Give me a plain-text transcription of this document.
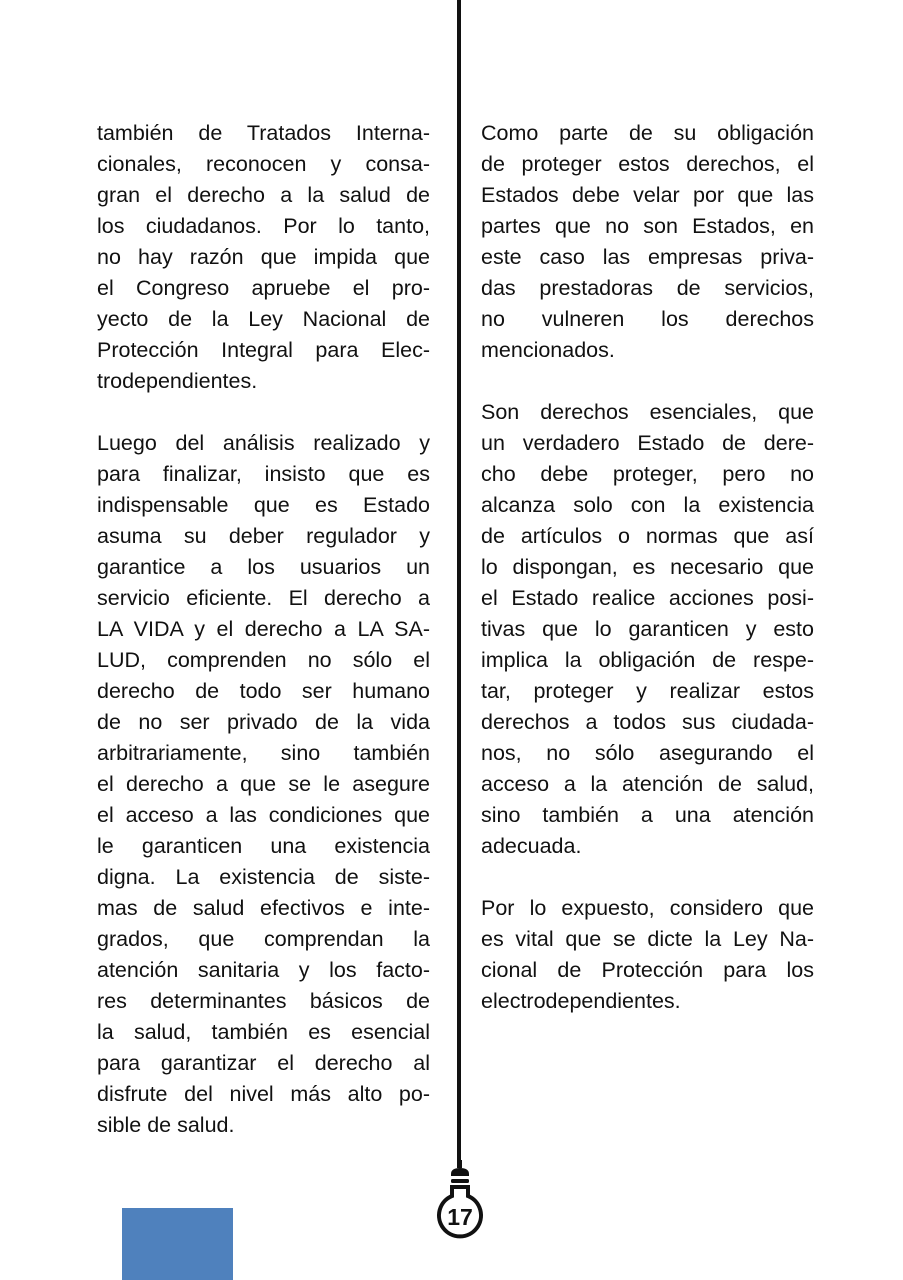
también de Tratados Interna-
cionales, reconocen y consa-
gran el derecho a la salud de
los ciudadanos. Por lo tanto,
no hay razón que impida que
el Congreso apruebe el pro-
yecto de la Ley Nacional de
Protección Integral para Elec-
trodependientes.
Luego del análisis realizado y
para finalizar, insisto que es
indispensable que es Estado
asuma su deber regulador y
garantice a los usuarios un
servicio eficiente. El derecho a
LA VIDA y el derecho a LA SA-
LUD, comprenden no sólo el
derecho de todo ser humano
de no ser privado de la vida
arbitrariamente, sino también
el derecho a que se le asegure
el acceso a las condiciones que
le garanticen una existencia
digna. La existencia de siste-
mas de salud efectivos e inte-
grados, que comprendan la
atención sanitaria y los facto-
res determinantes básicos de
la salud, también es esencial
para garantizar el derecho al
disfrute del nivel más alto po-
sible de salud.
Como parte de su obligación
de proteger estos derechos, el
Estados debe velar por que las
partes que no son Estados, en
este caso las empresas priva-
das prestadoras de servicios,
no vulneren los derechos
mencionados.
Son derechos esenciales, que
un verdadero Estado de dere-
cho debe proteger, pero no
alcanza solo con la existencia
de artículos o normas que así
lo dispongan, es necesario que
el Estado realice acciones posi-
tivas que lo garanticen y esto
implica la obligación de respe-
tar, proteger y realizar estos
derechos a todos sus ciudada-
nos, no sólo asegurando el
acceso a la atención de salud,
sino también a una atención
adecuada.
Por lo expuesto, considero que
es vital que se dicte la Ley Na-
cional de Protección para los
electrodependientes.
17
